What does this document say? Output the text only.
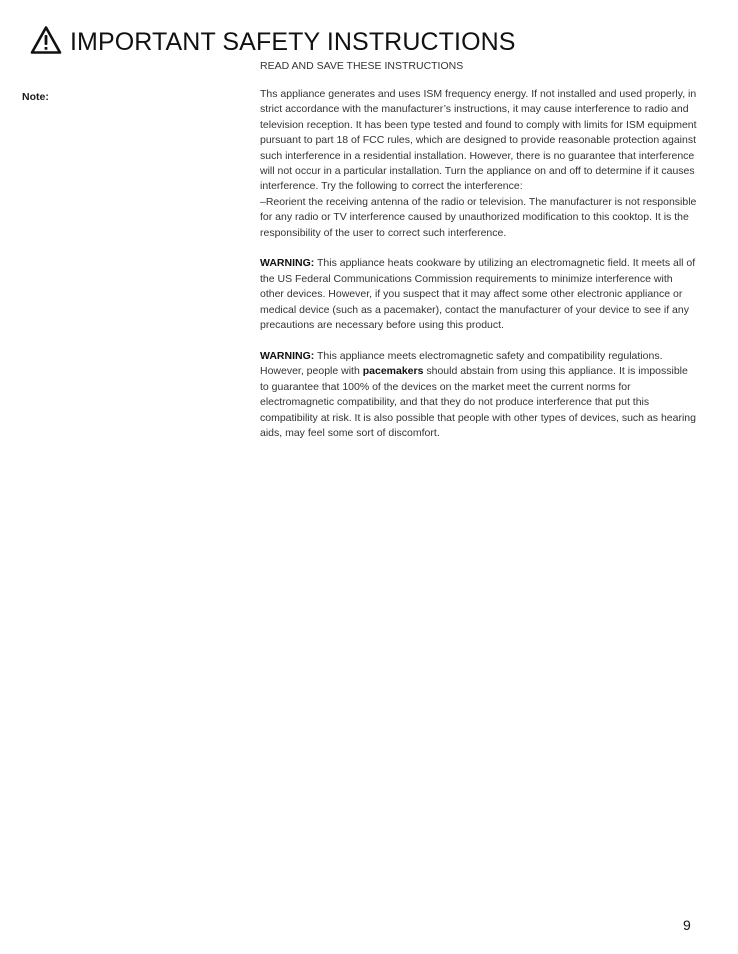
IMPORTANT SAFETY INSTRUCTIONS
READ AND SAVE THESE INSTRUCTIONS
Note:	Ths appliance generates and uses ISM frequency energy. If not installed and used properly, in strict accordance with the manufacturer’s instructions, it may cause interference to radio and television reception. It has been type tested and found to comply with limits for ISM equipment pursuant to part 18 of FCC rules, which are designed to provide reasonable protection against such interference in a residential installation. However, there is no guarantee that interference will not occur in a particular installation. Turn the appliance on and off to determine if it causes interference. Try the following to correct the interference:
–Reorient the receiving antenna of the radio or television. The manufacturer is not responsible for any radio or TV interference caused by unauthorized modification to this cooktop. It is the responsibility of the user to correct such interference.

WARNING: This appliance heats cookware by utilizing an electromagnetic field. It meets all of the US Federal Communications Commission requirements to minimize interference with other devices. However, if you suspect that it may affect some other electronic appliance or medical device (such as a pacemaker), contact the manufacturer of your device to see if any precautions are necessary before using this product.

WARNING: This appliance meets electromagnetic safety and compatibility regulations. However, people with pacemakers should abstain from using this appliance. It is impossible to guarantee that 100% of the devices on the market meet the current norms for electromagnetic compatibility, and that they do not produce interference that put this compatibility at risk. It is also possible that people with other types of devices, such as hearing aids, may feel some sort of discomfort.

9
